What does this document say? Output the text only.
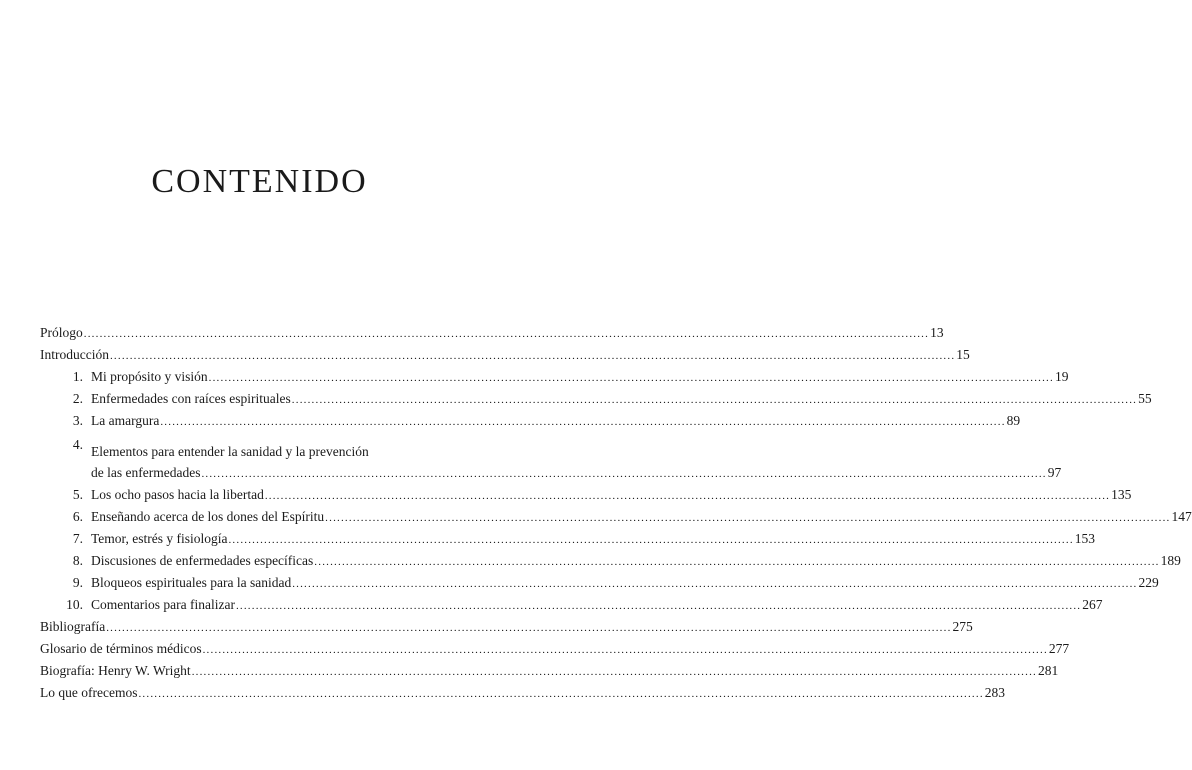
CONTENIDO
Prólogo .....	13
Introducción .....	15
1. Mi propósito y visión .....	19
2. Enfermedades con raíces espirituales .....	55
3. La amargura .....	89
4. Elementos para entender la sanidad y la prevención
de las enfermedades .....	97
5. Los ocho pasos hacia la libertad .....	135
6. Enseñando acerca de los dones del Espíritu .....	147
7. Temor, estrés y fisiología .....	153
8. Discusiones de enfermedades específicas .....	189
9. Bloqueos espirituales para la sanidad .....	229
10. Comentarios para finalizar .....	267
Bibliografía .....	275
Glosario de términos médicos .....	277
Biografía: Henry W. Wright .....	281
Lo que ofrecemos .....	283
